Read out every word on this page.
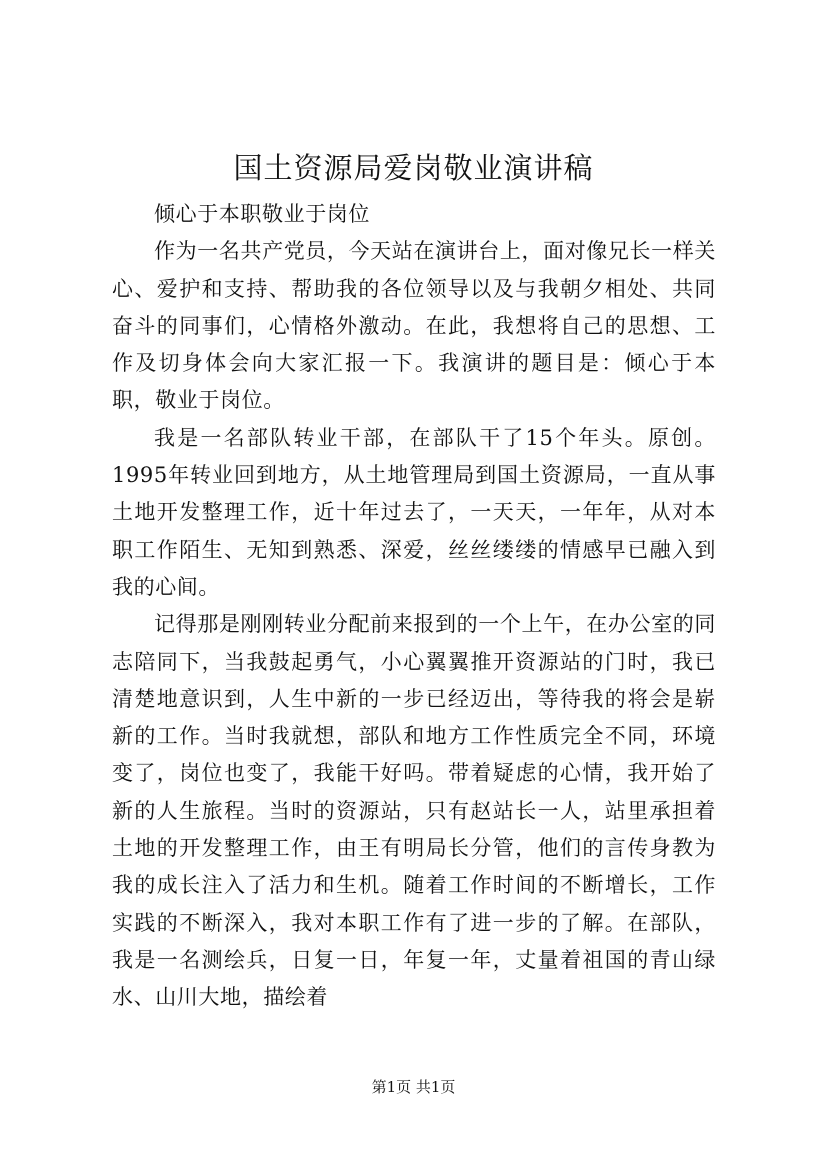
国土资源局爱岗敬业演讲稿

倾心于本职敬业于岗位

作为一名共产党员，今天站在演讲台上，面对像兄长一样关心、爱护和支持、帮助我的各位领导以及与我朝夕相处、共同奋斗的同事们，心情格外激动。在此，我想将自己的思想、工作及切身体会向大家汇报一下。我演讲的题目是：倾心于本职，敬业于岗位。

我是一名部队转业干部，在部队干了15个年头。原创。1995年转业回到地方，从土地管理局到国土资源局，一直从事土地开发整理工作，近十年过去了，一天天，一年年，从对本职工作陌生、无知到熟悉、深爱，丝丝缕缕的情感早已融入到我的心间。

记得那是刚刚转业分配前来报到的一个上午，在办公室的同志陪同下，当我鼓起勇气，小心翼翼推开资源站的门时，我已清楚地意识到，人生中新的一步已经迈出，等待我的将会是崭新的工作。当时我就想，部队和地方工作性质完全不同，环境变了，岗位也变了，我能干好吗。带着疑虑的心情，我开始了新的人生旅程。当时的资源站，只有赵站长一人，站里承担着土地的开发整理工作，由王有明局长分管，他们的言传身教为我的成长注入了活力和生机。随着工作时间的不断增长，工作实践的不断深入，我对本职工作有了进一步的了解。在部队，我是一名测绘兵，日复一日，年复一年，丈量着祖国的青山绿水、山川大地，描绘着

第1页 共1页
